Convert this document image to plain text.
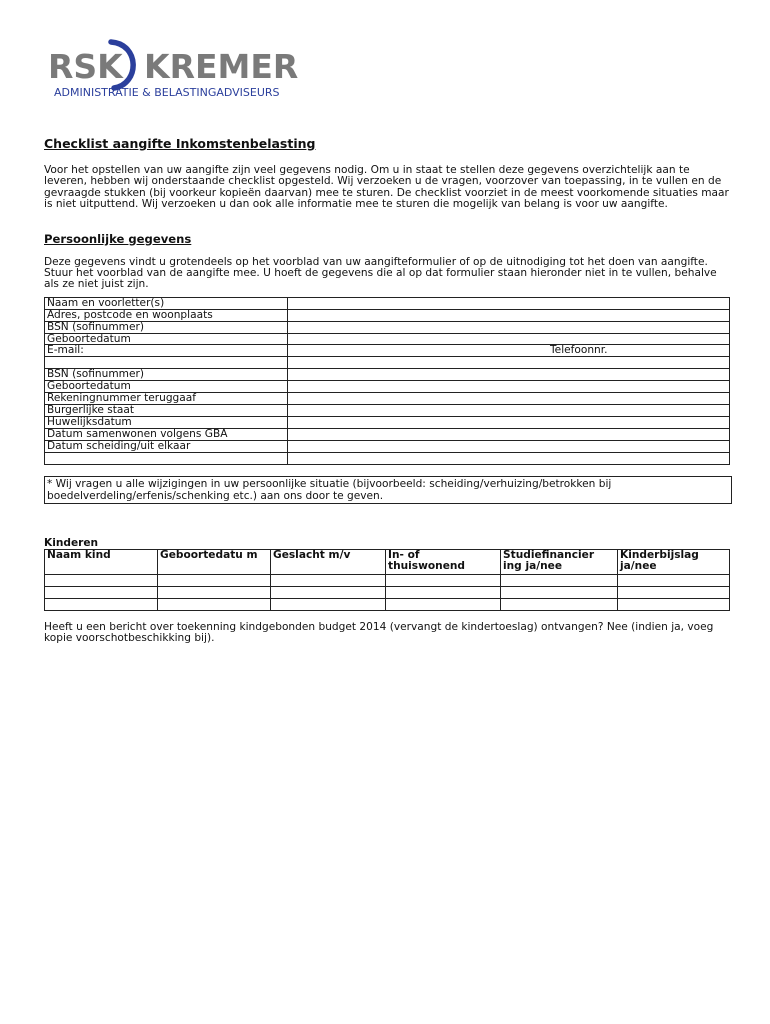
RSK KREMER
ADMINISTRATIE & BELASTINGADVISEURS
Checklist aangifte Inkomstenbelasting

Voor het opstellen van uw aangifte zijn veel gegevens nodig. Om u in staat te stellen deze gegevens overzichtelijk aan te leveren, hebben wij onderstaande checklist opgesteld. Wij verzoeken u de vragen, voorzover van toepassing, in te vullen en de gevraagde stukken (bij voorkeur kopieën daarvan) mee te sturen. De checklist voorziet in de meest voorkomende situaties maar is niet uitputtend. Wij verzoeken u dan ook alle informatie mee te sturen die mogelijk van belang is voor uw aangifte.

Persoonlijke gegevens

Deze gegevens vindt u grotendeels op het voorblad van uw aangifteformulier of op de uitnodiging tot het doen van aangifte. Stuur het voorblad van de aangifte mee. U hoeft de gegevens die al op dat formulier staan hieronder niet in te vullen, behalve als ze niet juist zijn.

Naam en voorletter(s)	
Adres, postcode en woonplaats	
BSN (sofinummer)	
Geboortedatum	
E-mail:	Telefoonnr.

BSN (sofinummer)	
Geboortedatum	
Rekeningnummer teruggaaf	
Burgerlijke staat	
Huwelijksdatum	
Datum samenwonen volgens GBA	
Datum scheiding/uit elkaar	

* Wij vragen u alle wijzigingen in uw persoonlijke situatie (bijvoorbeeld: scheiding/verhuizing/betrokken bij boedelverdeling/erfenis/schenking etc.) aan ons door te geven.
Kinderen
Naam kind	Geboortedatu m	Geslacht m/v	In- of thuiswonend	Studiefinancier ing ja/nee	Kinderbijslag ja/nee

Heeft u een bericht over toekenning kindgebonden budget 2014 (vervangt de kindertoeslag) ontvangen? Nee (indien ja, voeg kopie voorschotbeschikking bij).
